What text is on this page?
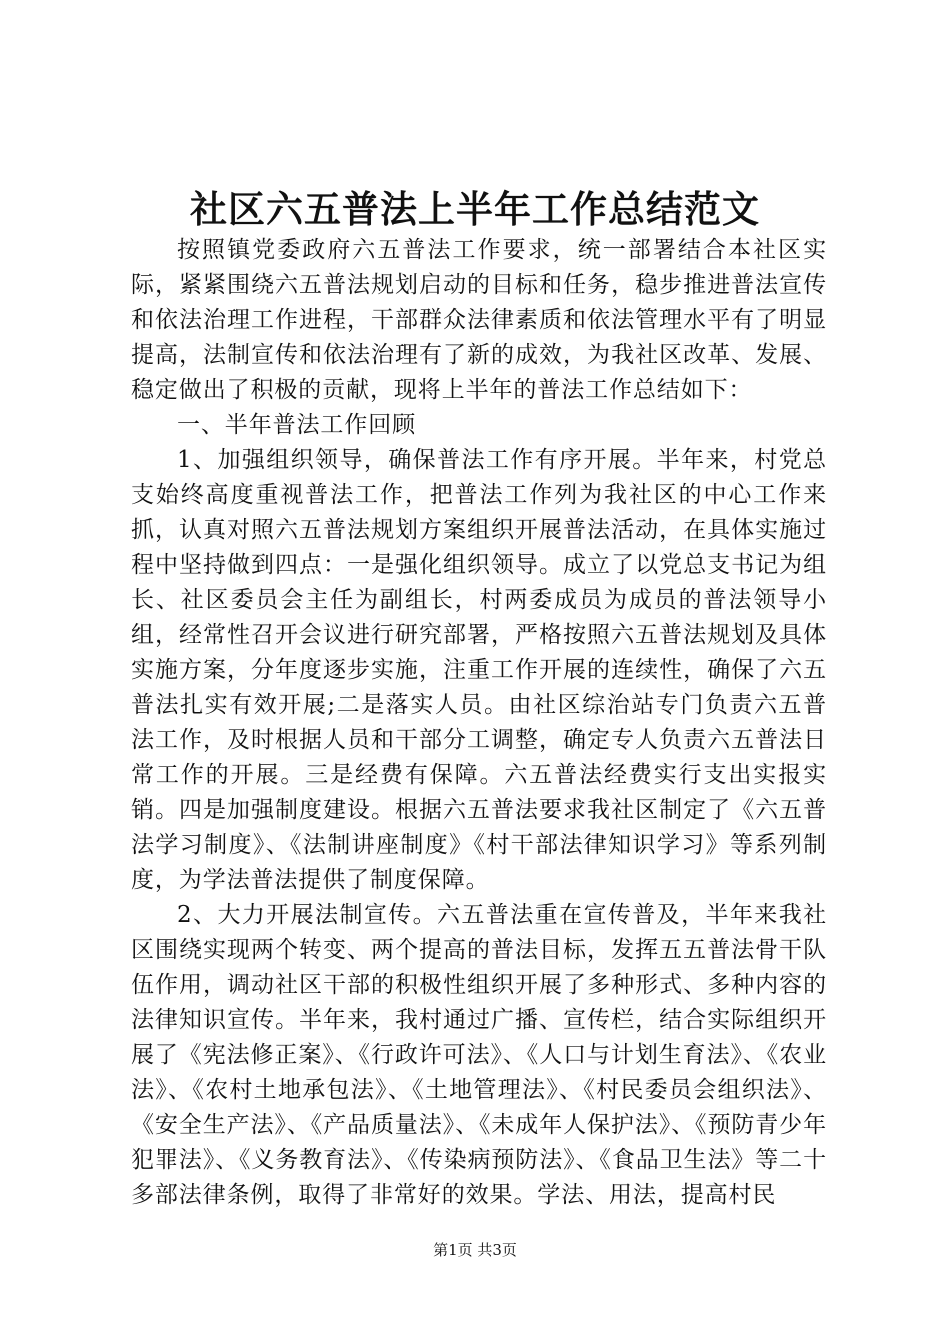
社区六五普法上半年工作总结范文

按照镇党委政府六五普法工作要求，统一部署结合本社区实际，紧紧围绕六五普法规划启动的目标和任务，稳步推进普法宣传和依法治理工作进程，干部群众法律素质和依法管理水平有了明显提高，法制宣传和依法治理有了新的成效，为我社区改革、发展、稳定做出了积极的贡献，现将上半年的普法工作总结如下：

一、半年普法工作回顾

1、加强组织领导，确保普法工作有序开展。半年来，村党总支始终高度重视普法工作，把普法工作列为我社区的中心工作来抓，认真对照六五普法规划方案组织开展普法活动，在具体实施过程中坚持做到四点：一是强化组织领导。成立了以党总支书记为组长、社区委员会主任为副组长，村两委成员为成员的普法领导小组，经常性召开会议进行研究部署，严格按照六五普法规划及具体实施方案，分年度逐步实施，注重工作开展的连续性，确保了六五普法扎实有效开展;二是落实人员。由社区综治站专门负责六五普法工作，及时根据人员和干部分工调整，确定专人负责六五普法日常工作的开展。三是经费有保障。六五普法经费实行支出实报实销。四是加强制度建设。根据六五普法要求我社区制定了《六五普法学习制度》、《法制讲座制度》《村干部法律知识学习》等系列制度，为学法普法提供了制度保障。

2、大力开展法制宣传。六五普法重在宣传普及，半年来我社区围绕实现两个转变、两个提高的普法目标，发挥五五普法骨干队伍作用，调动社区干部的积极性组织开展了多种形式、多种内容的法律知识宣传。半年来，我村通过广播、宣传栏，结合实际组织开展了《宪法修正案》、《行政许可法》、《人口与计划生育法》、《农业法》、《农村土地承包法》、《土地管理法》、《村民委员会组织法》、《安全生产法》、《产品质量法》、《未成年人保护法》、《预防青少年犯罪法》、《义务教育法》、《传染病预防法》、《食品卫生法》等二十多部法律条例，取得了非常好的效果。学法、用法，提高村民

第1页 共3页
